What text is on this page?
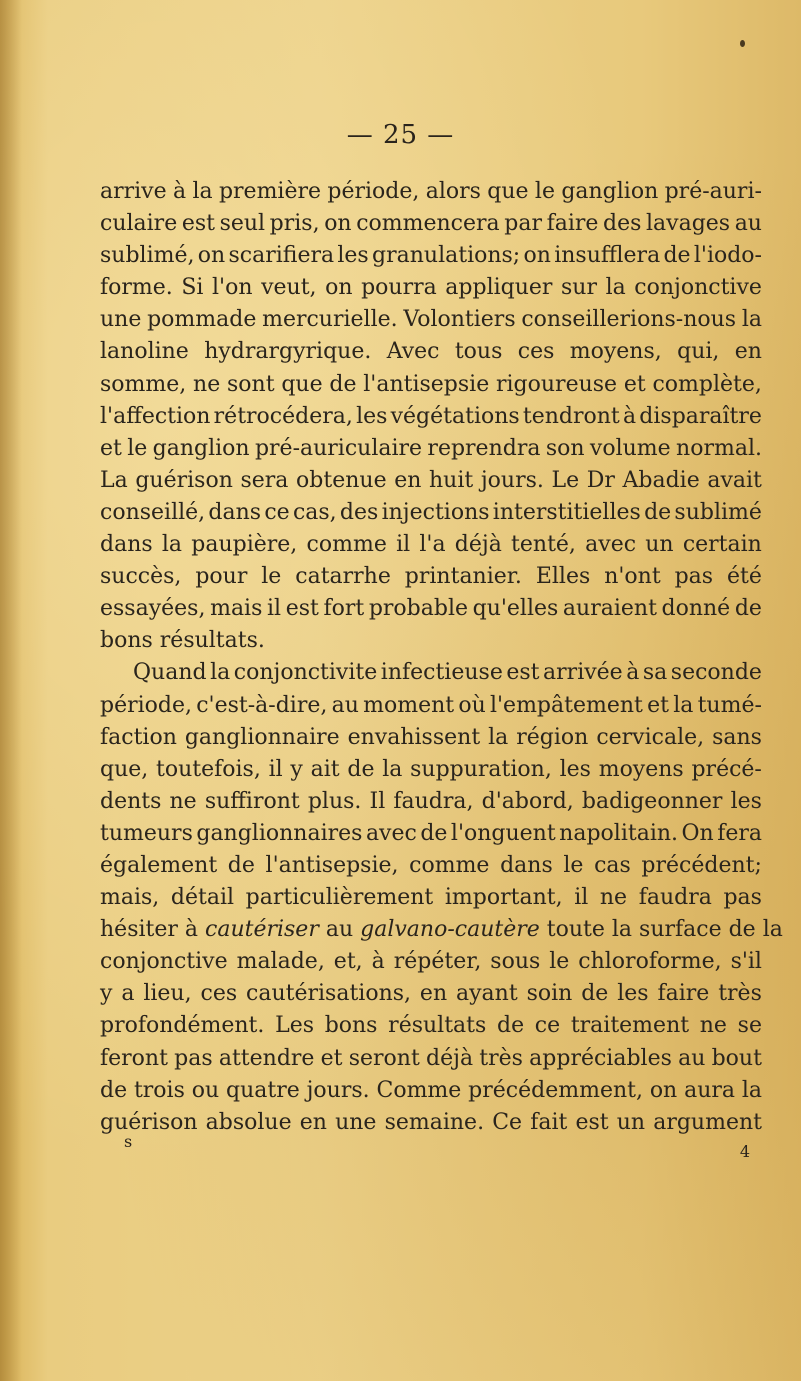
— 25 —
arrive à la première période, alors que le ganglion pré-auri-
culaire est seul pris, on commencera par faire des lavages au
sublimé, on scarifiera les granulations; on insufflera de l'iodo-
forme. Si l'on veut, on pourra appliquer sur la conjonctive
une pommade mercurielle. Volontiers conseillerions-nous la
lanoline hydrargyrique. Avec tous ces moyens, qui, en
somme, ne sont que de l'antisepsie rigoureuse et complète,
l'affection rétrocédera, les végétations tendront à disparaître
et le ganglion pré-auriculaire reprendra son volume normal.
La guérison sera obtenue en huit jours. Le Dr Abadie avait
conseillé, dans ce cas, des injections interstitielles de sublimé
dans la paupière, comme il l'a déjà tenté, avec un certain
succès, pour le catarrhe printanier. Elles n'ont pas été
essayées, mais il est fort probable qu'elles auraient donné de
bons résultats.
Quand la conjonctivite infectieuse est arrivée à sa seconde
période, c'est-à-dire, au moment où l'empâtement et la tumé-
faction ganglionnaire envahissent la région cervicale, sans
que, toutefois, il y ait de la suppuration, les moyens précé-
dents ne suffiront plus. Il faudra, d'abord, badigeonner les
tumeurs ganglionnaires avec de l'onguent napolitain. On fera
également de l'antisepsie, comme dans le cas précédent;
mais, détail particulièrement important, il ne faudra pas
hésiter à cautériser au galvano-cautère toute la surface de la
conjonctive malade, et, à répéter, sous le chloroforme, s'il
y a lieu, ces cautérisations, en ayant soin de les faire très
profondément. Les bons résultats de ce traitement ne se
feront pas attendre et seront déjà très appréciables au bout
de trois ou quatre jours. Comme précédemment, on aura la
guérison absolue en une semaine. Ce fait est un argument
s
4
